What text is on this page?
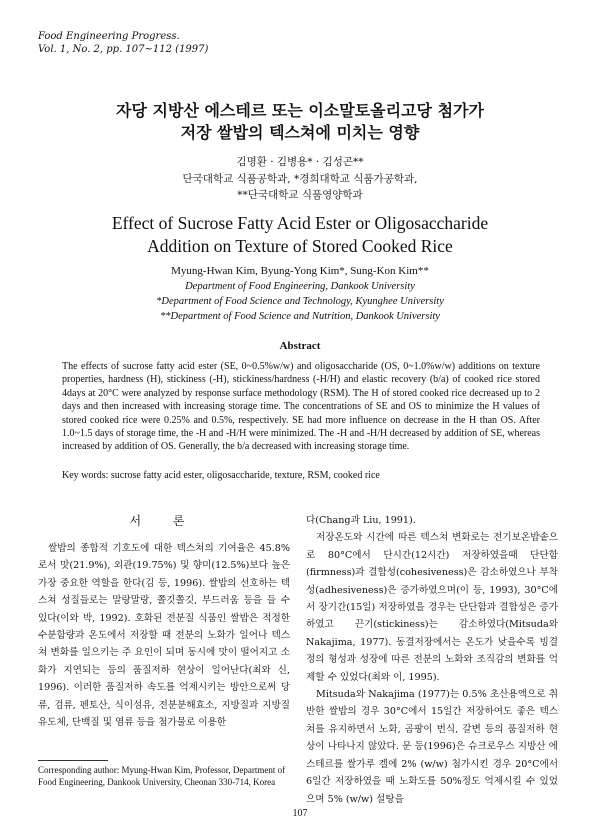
Food Engineering Progress.
Vol. 1, No. 2, pp. 107~112 (1997)
자당 지방산 에스테르 또는 이소말토올리고당 첨가가
저장 쌀밥의 텍스쳐에 미치는 영향
김명환 · 김병용* · 김성곤**
단국대학교 식품공학과, *경희대학교 식품가공학과,
**단국대학교 식품영양학과
Effect of Sucrose Fatty Acid Ester or Oligosaccharide
Addition on Texture of Stored Cooked Rice
Myung-Hwan Kim, Byung-Yong Kim*, Sung-Kon Kim**
Department of Food Engineering, Dankook University
*Department of Food Science and Technology, Kyunghee University
**Department of Food Science and Nutrition, Dankook University
Abstract
The effects of sucrose fatty acid ester (SE, 0~0.5%w/w) and oligosaccharide (OS, 0~1.0%w/w) additions on texture properties, hardness (H), stickiness (-H), stickiness/hardness (-H/H) and elastic recovery (b/a) of cooked rice stored 4days at 20°C were analyzed by response surface methodology (RSM). The H of stored cooked rice decreased up to 2 days and then increased with increasing storage time. The concentrations of SE and OS to minimize the H values of stored cooked rice were 0.25% and 0.5%, respectively. SE had more influence on decrease in the H than OS. After 1.0~1.5 days of storage time, the -H and -H/H were minimized. The -H and -H/H decreased by addition of SE, whereas increased by addition of OS. Generally, the b/a decreased with increasing storage time.
Key words: sucrose fatty acid ester, oligosaccharide, texture, RSM, cooked rice
서 론

쌀밥의 종합적 기호도에 대한 텍스쳐의 기여율은 45.8%로서 맛(21.9%), 외관(19.75%) 및 향미(12.5%)보다 높은 가장 중요한 역할을 한다(김 등, 1996). 쌀밥의 선호하는 텍스쳐 성질들로는 말랑말랑, 쫄깃쫄깃, 부드러움 등을 들 수 있다(이와 박, 1992). 호화된 전분질 식품인 쌀밥은 적정한 수분함량과 온도에서 저장할 때 전분의 노화가 일어나 텍스쳐 변화를 일으키는 주 요인이 되며 동시에 맛이 떨어지고 소화가 지연되는 등의 품질저하 현상이 일어난다(최와 신, 1996). 이러한 품질저하 속도를 억제시키는 방안으로써 당류, 검류, 펜토산, 식이섬유, 전분분해효소, 지방질과 지방질 유도체, 단백질 및 염류 등을 첨가물로 이용한

Corresponding author: Myung-Hwan Kim, Professor, Department of Food Engineering, Dankook University, Cheonan 330-714, Korea

다(Chang과 Liu, 1991).

저장온도와 시간에 따른 텍스쳐 변화로는 전기보온밥솥으로 80°C에서 단시간(12시간) 저장하였을때 단단함(firmness)과 결합성(cohesiveness)은 감소하였으나 부착성(adhesiveness)은 증가하였으며(이 등, 1993), 30°C에서 장기간(15일) 저장하였을 경우는 단단함과 결합성은 증가하였고 끈기(stickiness)는 감소하였다(Mitsuda와 Nakajima, 1977). 동결저장에서는 온도가 낮을수록 빙결정의 형성과 성장에 따른 전분의 노화와 조직감의 변화를 억제할 수 있었다(최와 이, 1995).

Mitsuda와 Nakajima (1977)는 0.5% 초산용액으로 취반한 쌀밥의 경우 30°C에서 15일간 저장하여도 좋은 텍스쳐를 유지하면서 노화, 곰팡이 번식, 갈변 등의 품질저하 현상이 나타나지 않았다. 문 등(1996)은 슈크로우스 지방산 에스테르를 쌀가루 겔에 2% (w/w) 첨가시킨 경우 20°C에서 6일간 저장하였을 때 노화도를 50%정도 억제시킬 수 있었으며 5% (w/w) 설탕을

107
